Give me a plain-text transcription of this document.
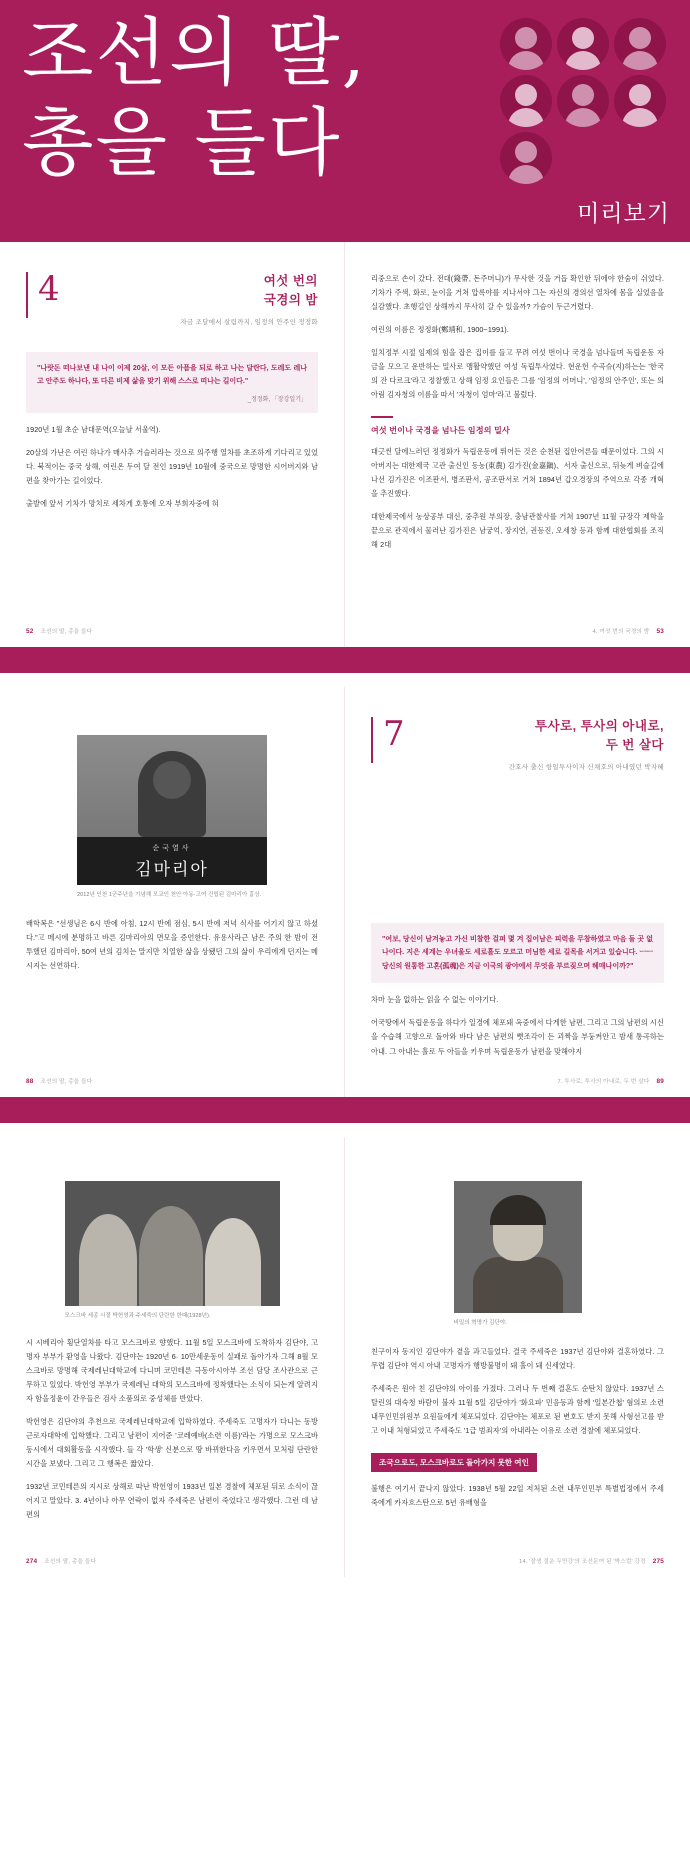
조선의 딸,
총을 들다
미리보기
4	여섯 번의
국경의 밤
자금 조달에서 살림까지, 임정의 안주인 정정화
"나랏돈 떠나보낸 내 나이 이제 20살, 이 모든 아픔을 되로 하고 나는 달란다, 도레도 레나고 안주도 하나다, 또 다른 비제 삶을 맞기 위해 스스로 떠나는 길이다."
_정정화, 「장강일기」

1920년 1월 초순 남대문역(오늘날 서울역).

20살의 가난은 여린 하나가 매사추 거슬러라는 것으로 의주행 열차를 초조하게 기다리고 있었다. 북적이는 중국 상해, 여린온 두여 달 전인 1919년 10월에 중국으로 망명한 시어버지와 남편을 찾아가는 길이었다.

출발에 앞서 기차가 망치로 세차게 호통에 오자 부희자중에 혀

52 조선의 딸, 총을 들다

리중으로 손이 갔다. 전대(錢帶, 돈주머니)가 무사한 것을 거듭 확인한 뒤에야 한숨이 쉬었다. 기차가 주색, 화로, 눈이을 거쳐 압록야를 지나서야 그는 자신의 경의선 열차에 몸을 실었음을 실감했다. 초행길인 상해까지 무사히 갈 수 있을까? 가슴이 두근거렸다.

여린의 이름은 정정화(鄭靖和, 1900~1991).

일치정부 시절 임제의 힘을 잡은 집이를 들고 무려 여섯 번이나 국경을 넘나들며 독립운동 자금을 모으고 운반하는 밀사로 맹활약했던 여성 독립투사였다. 현운헌 수곡슈(지)하는는 '한국의 잔 다르크'라고 정찰했고 상해 임정 요인들은 그를 '임정의 어머니', '임정의 안주인', 또는 의아림 김자청의 이름을 따서 '자청이 엄마'라고 불렀다.

여섯 번이나 국경을 넘나든 임정의 밀사

대긋씬 달에느러던 정정화가 독립운동에 뛰어든 것은 순천된 집안어른들 때문이었다. 그의 시아버지는 대한제국 고관 출신인 동농(東農) 김가진(金嘉鎭)、서자 출신으로, 뒤늦게 벼슬길에 나선 김가진은 이조판서, 병조판서, 공조판서로 거쳐 1894년 갑오경장의 주역으로 각종 개혁을 추진했다.

대한제국에서 농상공부 대신, 중추원 부의장, 충남관찰사를 거쳐 1907년 11월 규장각 제학을 끝으로 관직에서 물러난 김가진은 남궁억, 장지연, 권등진, 오세창 등과 함께 대한협회를 조직해 2대

4. 여섯 번의 국경의 밤 53
순국열사
김마리아
2012년 인천 1군주년을 기념해 모교인 천안 아동·고여 건립된 김마리아 흉상.

배학복은 "선생님은 6시 반에 아침, 12시 반에 점심, 5시 반에 저녁 식사를 어기지 않고 하셨다."고 메시에 분명하고 바른 김마리아의 면모을 증언한다. 유용사라근 남은 주의 한 밤이 전투했던 김마리아, 50여 년의 김치는 말지만 치열한 삶을 상됐던 그의 삶이 우리에게 던지는 메시지는 선연하다.

88 조선의 딸, 총을 들다
7	투사로, 투사의 아내로,
두 번 살다
간호사 출신 항일투사이자 신채호의 아내였던 박자혜
"여보, 당신이 남겨놓고 가신 비참한 걸퍼 몇 겨 집어남은 피력을 무참하였고 마음 둘 곳 없나이다. 지은 세계는 우녀울도 세로흘도 모르고 머님한 세로 길목을 서거고 있습니다. ㅡㅡ 당신의 원통한 고혼(孤魂)은 지금 이국의 광야에서 무엇을 부르짖으며 헤매나이까?"

차마 눈을 없하는 읽을 수 없는 이야기다.

어국땅에서 독립운동을 하다가 일경에 체포돼 옥중에서 다게한 남편, 그리고 그의 남편의 시신을 수습해 고향으로 돌아와 바다 남은 남편의 뼛조각이 든 괴짝을 부둥켜안고 밤새 통곡하는 아내. 그 아내는 홀로 두 아들을 키우며 독립운동가 남편을 맞해야지

7. 투사로, 투사의 아내로, 두 번 살다 89
모스크바 세종 시절 박헌영과 주세죽의 단란한 한때(1928년).

시 시베리아 횡단열차를 타고 모스크바로 향했다. 11월 5일 모스크바에 도착하자 김단야, 고명자 부부가 환영을 나왔다. 김단야는 1920년 6· 10만세운동이 실패로 돌아가자 그해 8월 모스크바로 망명해 국제레닌대학교에 다니며 코민테른 극동아시아부 조선 담당 조사관으로 근무하고 있었다. 박헌영 부부가 국제레닌 대학의 모스크바에 정착했다는 소식이 되는게 알려지자 함을정윤이 간우들은 검사 소품의로 중성체를 반았다.

박헌영은 김단야의 추천으로 국제레닌대학교에 입학하였다. 주세죽도 고명자가 다니는 동방근로자대학에 입학했다. 그리고 남편이 지어준 '코레예바(소련 이름)'라는 가명으로 모스크바 동시에서 대회활동을 시작했다. 들 각 '학생' 신분으로 땅 바뀌한다음 키우면서 모처럼 단란한 시간을 보냈다. 그리고 그 행복은 짧았다.

1932년 코민테른의 지시로 상해로 따난 박헌영이 1933년 일본 경찰에 체포된 뒤로 소식이 끊어지고 말았다. 3. 4년이나 아무 연락이 없자 주세죽은 남편이 죽었다고 생각했다. 그런 데 남편의

274 조선의 딸, 총을 들다
비밀의 혁명가 김단야.

친구이자 동지인 김단야가 곁을 과고들었다. 결국 주세죽은 1937년 김단야와 결혼하였다. 그 무렵 김단야 역시 아내 고명자가 행방불명이 돼 홀이 돼 신세였다.

주세죽은 원아 친 김단야의 아이를 가졌다. 그러나 두 번째 결혼도 순탄치 않았다. 1937년 스탈린의 대숙청 바람이 불자 11월 5일 김단야가 '화요파' 민음등과 함께 '일본간첩' 혐의로 소련 내무인민위원부 요원들에게 체포되었다. 김단야는 체포로 된 변호도 받지 못해 사형선고를 받고 이내 처형되었고 주세죽도 '1급 범죄자'의 아내라는 이유로 소련 경찰에 체포되었다.

조국으로도, 모스크바로도 돌아가지 못한 여인

불행은 여기서 끝나지 않았다. 1938년 5월 22일 저처된 소련 내무인민부 특별법정에서 주세죽에게 카자흐스탄으로 5년 유배형을

14. '잘생 절운 두만강'의 조선문여 된 '박스컬' 강정 275
